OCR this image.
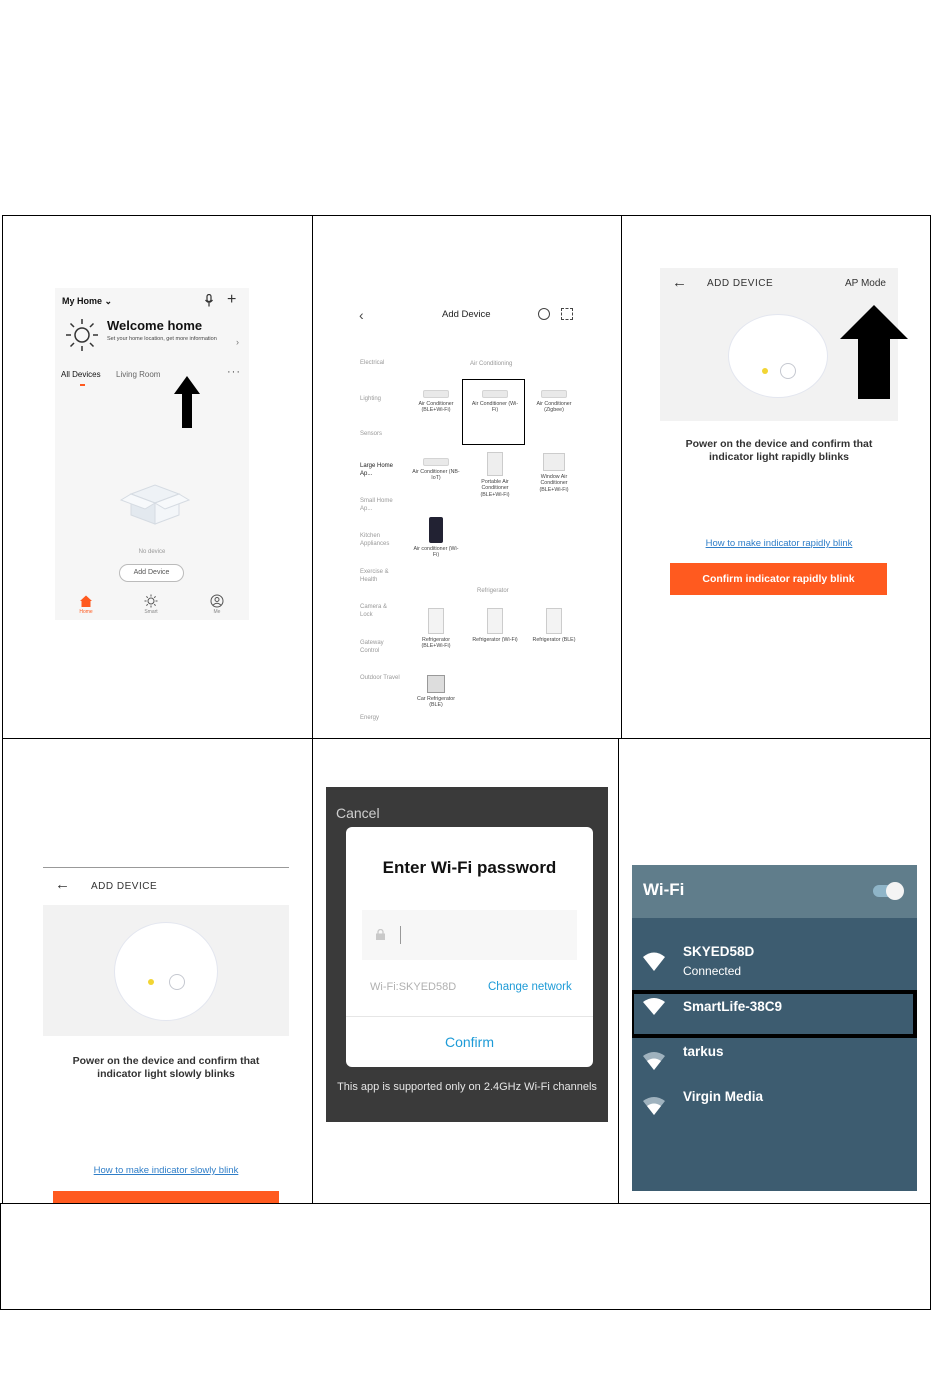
My Home ⌄	+
Welcome home
Set your home location, get more information ›
All Devices Living Room	···
No device
Add Device
Home	Smart	Me
‹	Add Device
Electrical
Lighting
Sensors
Large Home Ap...
Small Home Ap...
Kitchen Appliances
Exercise & Health
Camera & Lock
Gateway Control
Outdoor Travel
Energy
Air Conditioning
Air Conditioner (BLE+Wi-Fi)
Air Conditioner (Wi-Fi)
Air Conditioner (Zigbee)
Air Conditioner (NB-IoT)
Portable Air Conditioner (BLE+Wi-Fi)
Window Air Conditioner (BLE+Wi-Fi)
Air conditioner (Wi-Fi)
Refrigerator
Refrigerator (BLE+Wi-Fi)
Refrigerator (Wi-Fi)	Refrigerator (BLE)
Car Refrigerator (BLE)
← ADD DEVICE	AP Mode
Power on the device and confirm that indicator light rapidly blinks
How to make indicator rapidly blink
Confirm indicator rapidly blink
← ADD DEVICE
Power on the device and confirm that indicator light slowly blinks
How to make indicator slowly blink
Cancel
Enter Wi-Fi password
Wi-Fi:SKYED58D	Change network
Confirm
This app is supported only on 2.4GHz Wi-Fi channels
Wi-Fi
SKYED58D
Connected
SmartLife-38C9
tarkus
Virgin Media
